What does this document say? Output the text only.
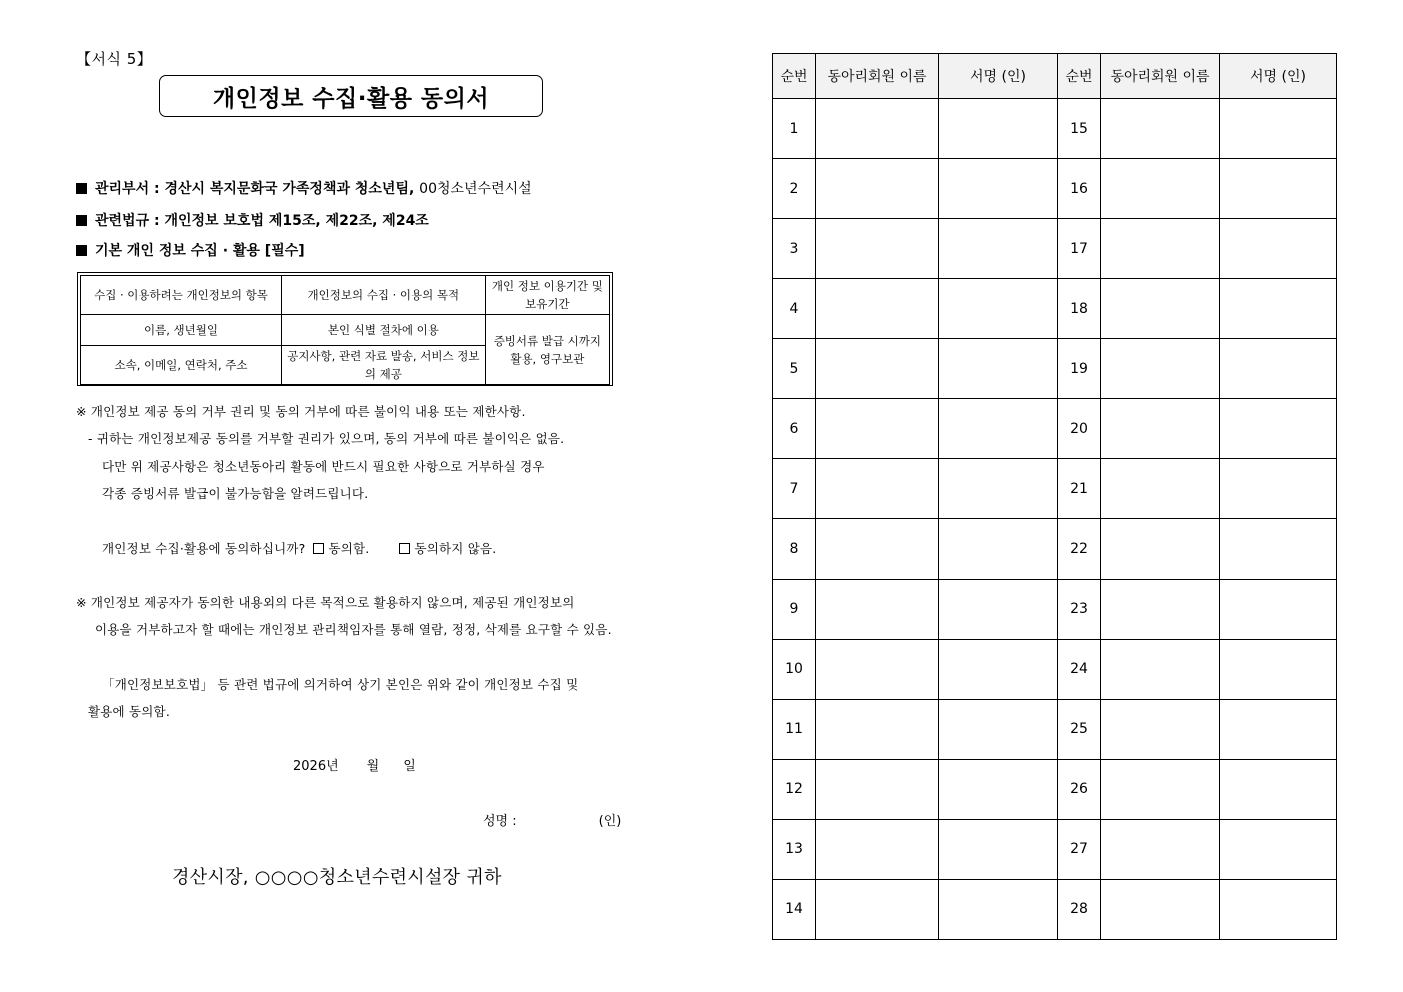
【서식 5】
개인정보 수집·활용 동의서
관리부서 : 경산시 복지문화국 가족정책과 청소년팀, 00청소년수련시설
관련법규 : 개인정보 보호법 제15조, 제22조, 제24조
기본 개인 정보 수집 · 활용 [필수]
수집 · 이용하려는 개인정보의 항목	개인정보의 수집 · 이용의 목적	개인 정보 이용기간 및 보유기간
이름, 생년월일	본인 식별 절차에 이용	증빙서류 발급 시까지 활용, 영구보관
소속, 이메일, 연락처, 주소	공지사항, 관련 자료 발송, 서비스 정보의 제공	
※ 개인정보 제공 동의 거부 권리 및 동의 거부에 따른 불이익 내용 또는 제한사항.
- 귀하는 개인정보제공 동의를 거부할 권리가 있으며, 동의 거부에 따른 불이익은 없음.
다만 위 제공사항은 청소년동아리 활동에 반드시 필요한 사항으로 거부하실 경우
각종 증빙서류 발급이 불가능함을 알려드립니다.
개인정보 수집·활용에 동의하십니까? 동의함.	동의하지 않음.
※ 개인정보 제공자가 동의한 내용외의 다른 목적으로 활용하지 않으며, 제공된 개인정보의
이용을 거부하고자 할 때에는 개인정보 관리책임자를 통해 열람, 정정, 삭제를 요구할 수 있음.
「개인정보보호법」 등 관련 법규에 의거하여 상기 본인은 위와 같이 개인정보 수집 및
활용에 동의함.
2026년 월 일
성명 :	(인)
경산시장, ○○○○청소년수련시설장 귀하
순번	동아리회원 이름	서명 (인)	순번	동아리회원 이름	서명 (인)
1			15		
2			16		
3			17		
4			18		
5			19		
6			20		
7			21		
8			22		
9			23		
10			24		
11			25		
12			26		
13			27		
14			28		
